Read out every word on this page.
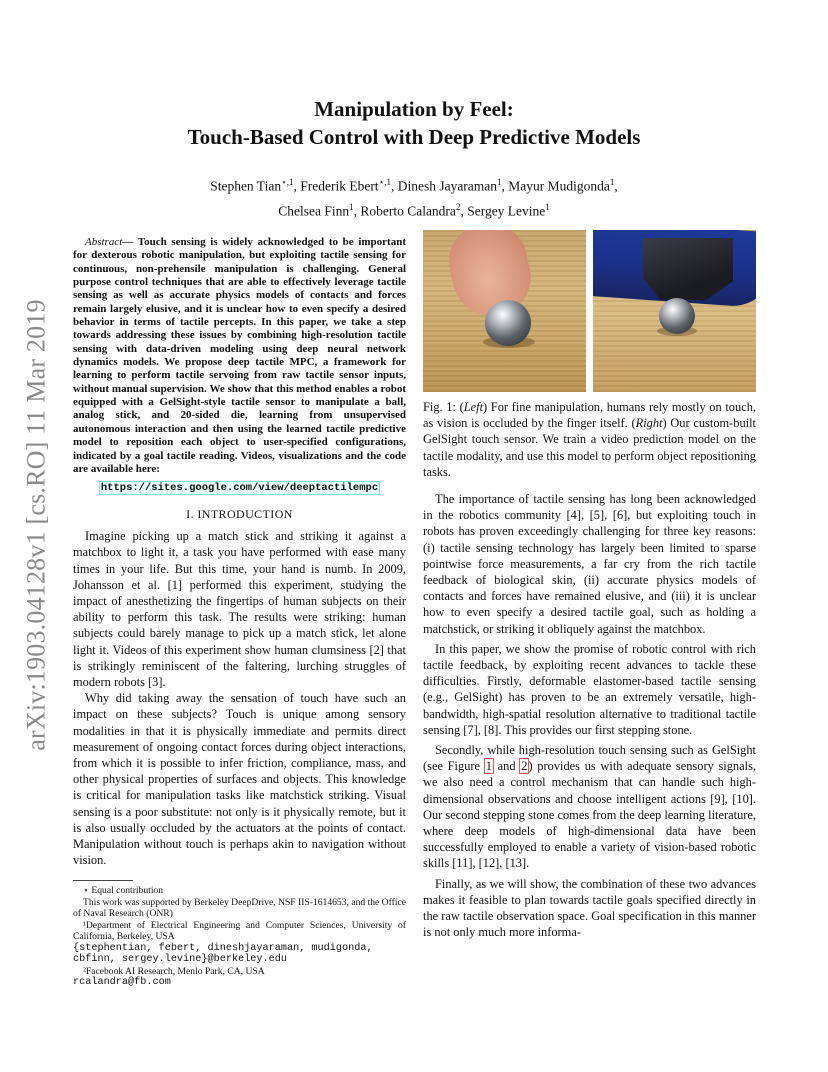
arXiv:1903.04128v1 [cs.RO] 11 Mar 2019
Manipulation by Feel:
Touch-Based Control with Deep Predictive Models
Stephen Tian$^{⋆,1}$, Frederik Ebert$^{⋆,1}$, Dinesh Jayaraman$^1$, Mayur Mudigonda$^1$,
Chelsea Finn$^1$, Roberto Calandra$^2$, Sergey Levine$^1$

Abstract— Touch sensing is widely acknowledged to be important for dexterous robotic manipulation, but exploiting tactile sensing for continuous, non-prehensile manipulation is challenging. General purpose control techniques that are able to effectively leverage tactile sensing as well as accurate physics models of contacts and forces remain largely elusive, and it is unclear how to even specify a desired behavior in terms of tactile percepts. In this paper, we take a step towards addressing these issues by combining high-resolution tactile sensing with data-driven modeling using deep neural network dynamics models. We propose deep tactile MPC, a framework for learning to perform tactile servoing from raw tactile sensor inputs, without manual supervision. We show that this method enables a robot equipped with a GelSight-style tactile sensor to manipulate a ball, analog stick, and 20-sided die, learning from unsupervised autonomous interaction and then using the learned tactile predictive model to reposition each object to user-specified configurations, indicated by a goal tactile reading. Videos, visualizations and the code are available here:

https://sites.google.com/view/deeptactilempc
I. INTRODUCTION

Imagine picking up a match stick and striking it against a matchbox to light it, a task you have performed with ease many times in your life. But this time, your hand is numb. In 2009, Johansson et al. [1] performed this experiment, studying the impact of anesthetizing the fingertips of human subjects on their ability to perform this task. The results were striking: human subjects could barely manage to pick up a match stick, let alone light it. Videos of this experiment show human clumsiness [2] that is strikingly reminiscent of the faltering, lurching struggles of modern robots [3].

Why did taking away the sensation of touch have such an impact on these subjects? Touch is unique among sensory modalities in that it is physically immediate and permits direct measurement of ongoing contact forces during object interactions, from which it is possible to infer friction, compliance, mass, and other physical properties of surfaces and objects. This knowledge is critical for manipulation tasks like matchstick striking. Visual sensing is a poor substitute: not only is it physically remote, but it is also usually occluded by the actuators at the points of contact. Manipulation without touch is perhaps akin to navigation without vision.

⋆ Equal contribution

This work was supported by Berkeley DeepDrive, NSF IIS-1614653, and the Office of Naval Research (ONR)

¹Department of Electrical Engineering and Computer Sciences, University of California, Berkeley, USA

{stephentian, febert, dineshjayaraman, mudigonda, cbfinn, sergey.levine}@berkeley.edu

²Facebook AI Research, Menlo Park, CA, USA

rcalandra@fb.com

Fig. 1: (Left) For fine manipulation, humans rely mostly on touch, as vision is occluded by the finger itself. (Right) Our custom-built GelSight touch sensor. We train a video prediction model on the tactile modality, and use this model to perform object repositioning tasks.

The importance of tactile sensing has long been acknowledged in the robotics community [4], [5], [6], but exploiting touch in robots has proven exceedingly challenging for three key reasons: (i) tactile sensing technology has largely been limited to sparse pointwise force measurements, a far cry from the rich tactile feedback of biological skin, (ii) accurate physics models of contacts and forces have remained elusive, and (iii) it is unclear how to even specify a desired tactile goal, such as holding a matchstick, or striking it obliquely against the matchbox.

In this paper, we show the promise of robotic control with rich tactile feedback, by exploiting recent advances to tackle these difficulties. Firstly, deformable elastomer-based tactile sensing (e.g., GelSight) has proven to be an extremely versatile, high-bandwidth, high-spatial resolution alternative to traditional tactile sensing [7], [8]. This provides our first stepping stone.

Secondly, while high-resolution touch sensing such as GelSight (see Figure 1 and 2) provides us with adequate sensory signals, we also need a control mechanism that can handle such high-dimensional observations and choose intelligent actions [9], [10]. Our second stepping stone comes from the deep learning literature, where deep models of high-dimensional data have been successfully employed to enable a variety of vision-based robotic skills [11], [12], [13].

Finally, as we will show, the combination of these two advances makes it feasible to plan towards tactile goals specified directly in the raw tactile observation space. Goal specification in this manner is not only much more informa-
